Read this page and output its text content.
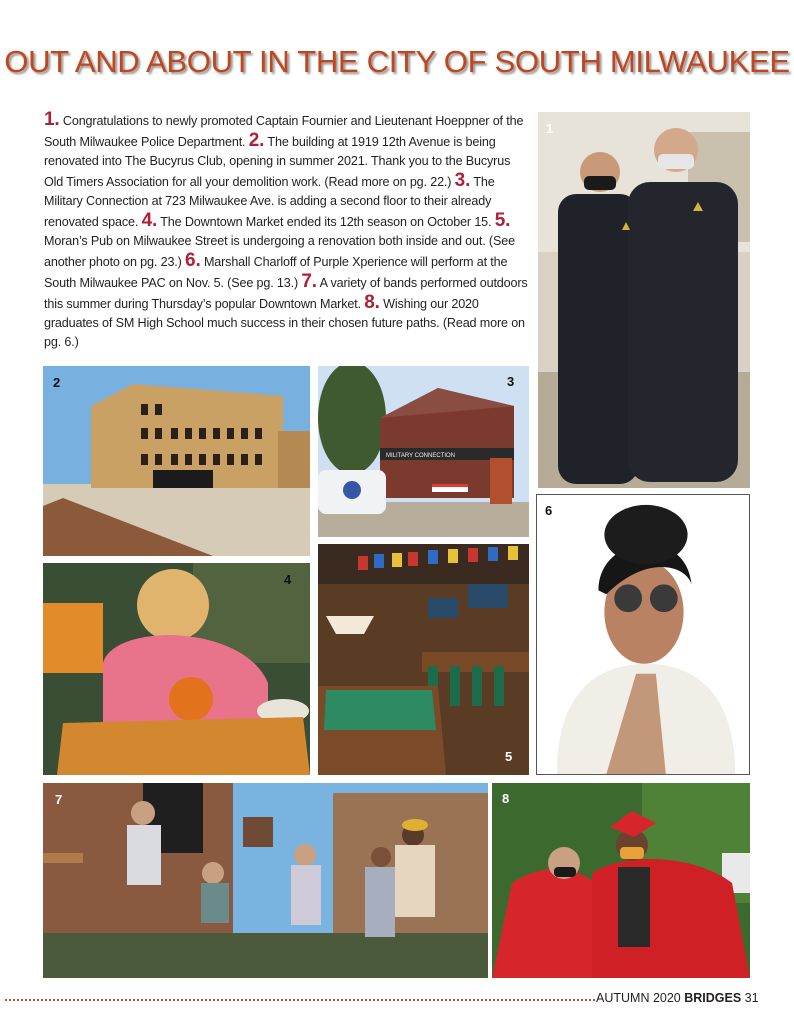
OUT AND ABOUT IN THE CITY OF SOUTH MILWAUKEE
1. Congratulations to newly promoted Captain Fournier and Lieutenant Hoeppner of the South Milwaukee Police Department. 2. The building at 1919 12th Avenue is being renovated into The Bucyrus Club, opening in summer 2021. Thank you to the Bucyrus Old Timers Association for all your demolition work. (Read more on pg. 22.) 3. The Military Connection at 723 Milwaukee Ave. is adding a second floor to their already renovated space. 4. The Downtown Market ended its 12th season on October 15. 5. Moran’s Pub on Milwaukee Street is undergoing a renovation both inside and out. (See another photo on pg. 23.) 6. Marshall Charloff of Purple Xperience will perform at the South Milwaukee PAC on Nov. 5. (See pg. 13.) 7. A variety of bands performed outdoors this summer during Thursday’s popular Downtown Market. 8. Wishing our 2020 graduates of SM High School much success in their chosen future paths. (Read more on pg. 6.)
1
2
MILITARY CONNECTION
3
4
5
6
7	8
AUTUMN 2020 BRIDGES 31
